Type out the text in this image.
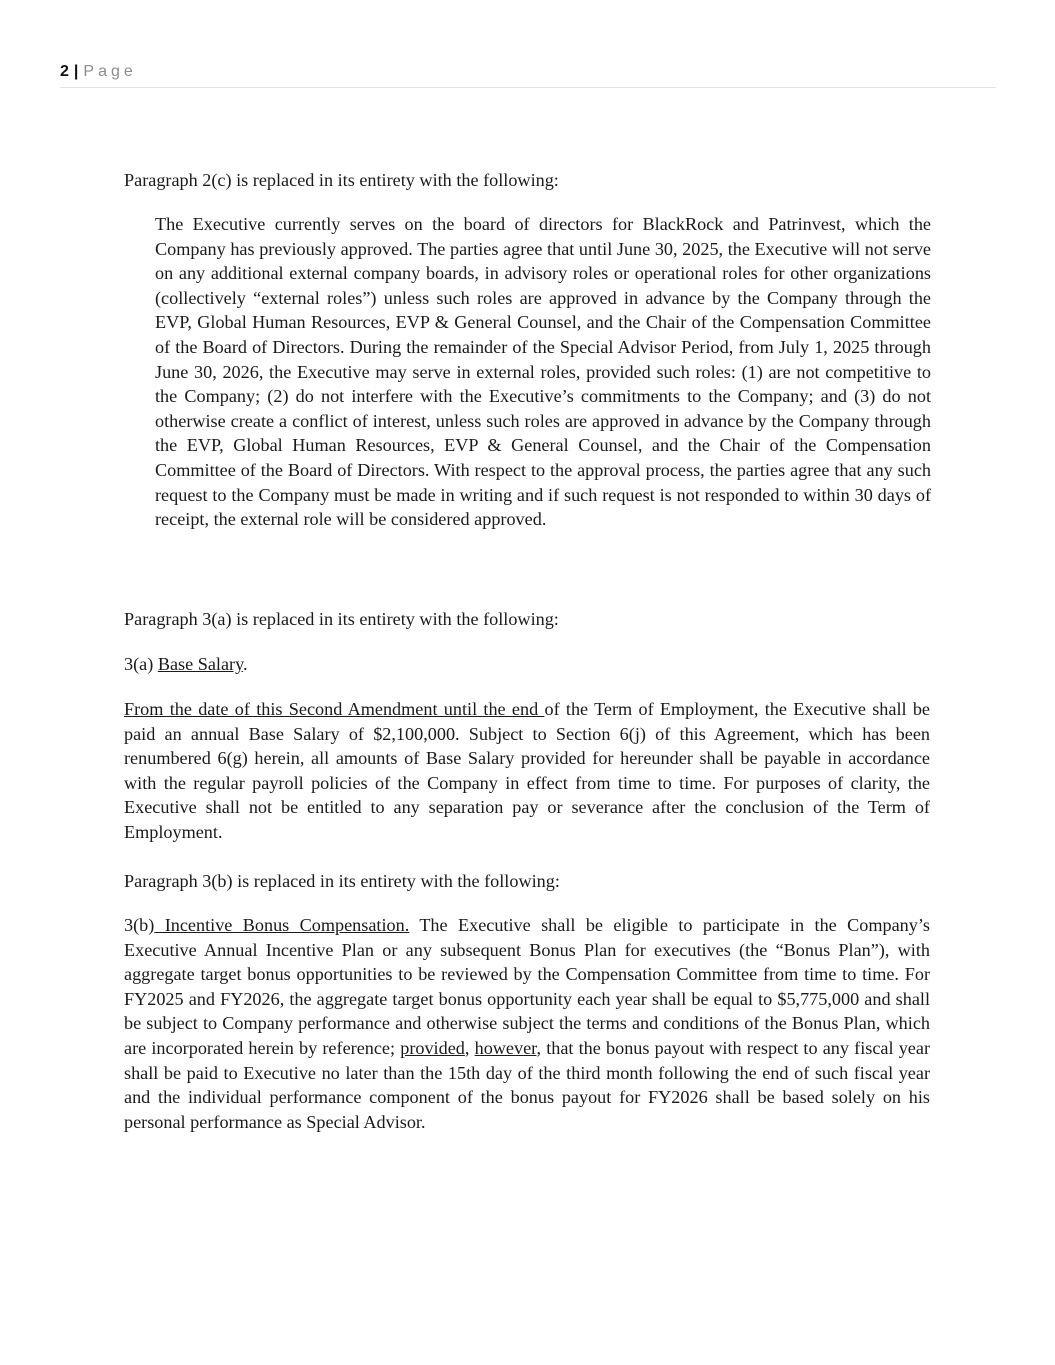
2 | Page

Paragraph 2(c) is replaced in its entirety with the following:

The Executive currently serves on the board of directors for BlackRock and Patrinvest, which the Company has previously approved. The parties agree that until June 30, 2025, the Executive will not serve on any additional external company boards, in advisory roles or operational roles for other organizations (collectively “external roles”) unless such roles are approved in advance by the Company through the EVP, Global Human Resources, EVP & General Counsel, and the Chair of the Compensation Committee of the Board of Directors. During the remainder of the Special Advisor Period, from July 1, 2025 through June 30, 2026, the Executive may serve in external roles, provided such roles: (1) are not competitive to the Company; (2) do not interfere with the Executive’s commitments to the Company; and (3) do not otherwise create a conflict of interest, unless such roles are approved in advance by the Company through the EVP, Global Human Resources, EVP & General Counsel, and the Chair of the Compensation Committee of the Board of Directors. With respect to the approval process, the parties agree that any such request to the Company must be made in writing and if such request is not responded to within 30 days of receipt, the external role will be considered approved.

Paragraph 3(a) is replaced in its entirety with the following:

3(a) Base Salary.

From the date of this Second Amendment until the end of the Term of Employment, the Executive shall be paid an annual Base Salary of $2,100,000. Subject to Section 6(j) of this Agreement, which has been renumbered 6(g) herein, all amounts of Base Salary provided for hereunder shall be payable in accordance with the regular payroll policies of the Company in effect from time to time. For purposes of clarity, the Executive shall not be entitled to any separation pay or severance after the conclusion of the Term of Employment.

Paragraph 3(b) is replaced in its entirety with the following:

3(b) Incentive Bonus Compensation. The Executive shall be eligible to participate in the Company’s Executive Annual Incentive Plan or any subsequent Bonus Plan for executives (the “Bonus Plan”), with aggregate target bonus opportunities to be reviewed by the Compensation Committee from time to time. For FY2025 and FY2026, the aggregate target bonus opportunity each year shall be equal to $5,775,000 and shall be subject to Company performance and otherwise subject the terms and conditions of the Bonus Plan, which are incorporated herein by reference; provided, however, that the bonus payout with respect to any fiscal year shall be paid to Executive no later than the 15th day of the third month following the end of such fiscal year and the individual performance component of the bonus payout for FY2026 shall be based solely on his personal performance as Special Advisor.
